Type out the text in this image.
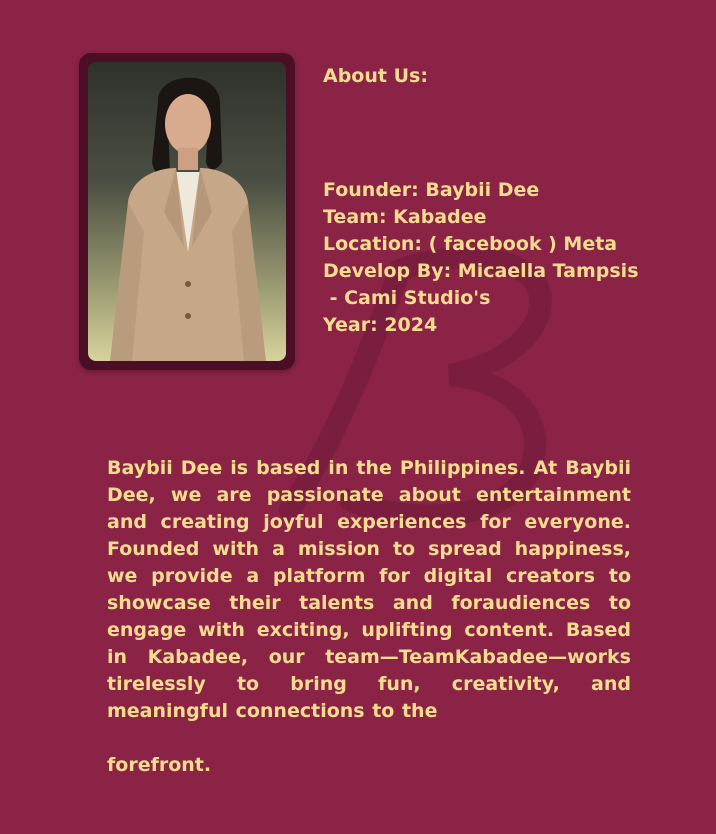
About Us:
Founder: Baybii Dee
Team: Kabadee
Location: ( facebook ) Meta
Develop By: Micaella Tampsis
- Cami Studio's
Year: 2024

Baybii Dee is based in the Philippines. At Baybii Dee, we are passionate about entertainment and creating joyful experiences for everyone. Founded with a mission to spread happiness, we provide a platform for digital creators to showcase their talents and foraudiences to engage with exciting, uplifting content. Based in Kabadee, our team—TeamKabadee—works tirelessly to bring fun, creativity, and meaningful connections to the

forefront.
